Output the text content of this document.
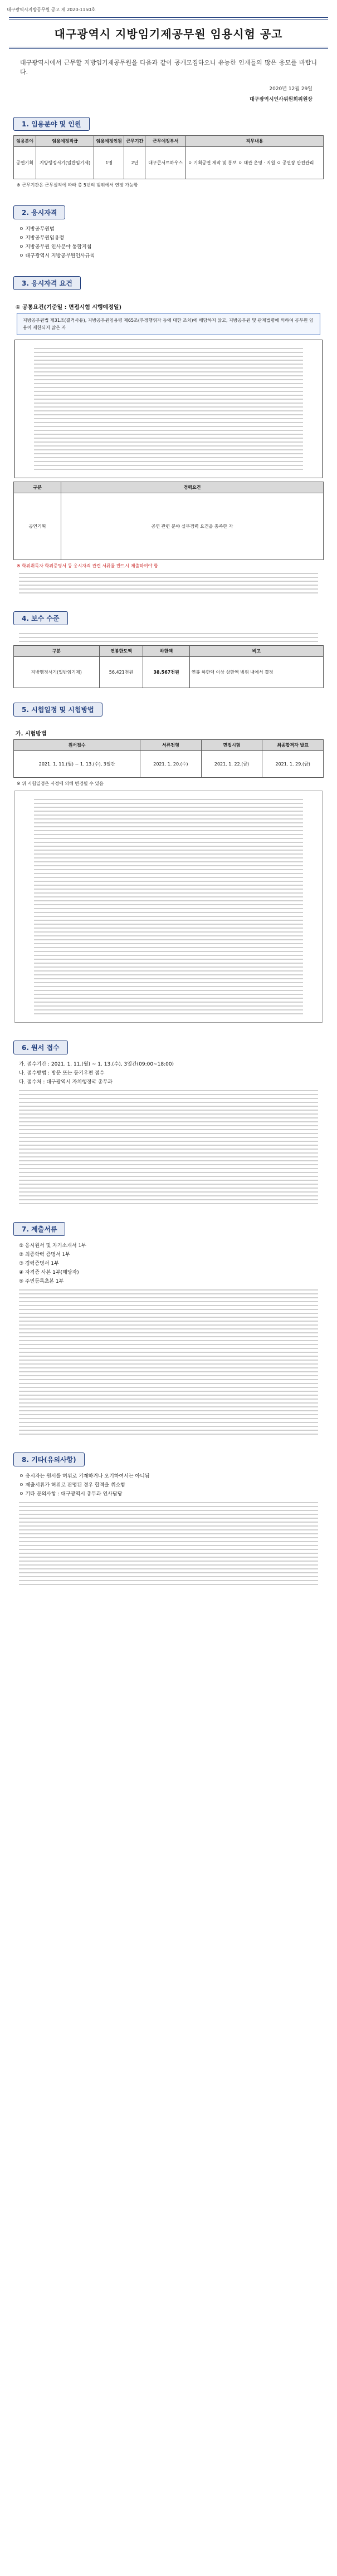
대구광역시지방공무원 공고 제 2020-1150호
대구광역시 지방임기제공무원 임용시험 공고
대구광역시에서 근무할 지방임기제공무원을 다음과 같이 공개모집하오니 유능한 인재들의 많은 응모를 바랍니다.
2020년 12월 29일
대구광역시인사위원회위원장
1. 임용분야 및 인원
임용분야	임용예정직급	임용예정인원	근무기간	근무예정부서	직무내용
공연기획	지방행정서기(일반임기제)	1명	2년	대구콘서트하우스	ㅇ 기획공연 제작 및 홍보 ㅇ 대관 운영 · 지원 ㅇ 공연장 안전관리
※ 근무기간은 근무실적에 따라 총 5년의 범위에서 연장 가능함
2. 응시자격
ㅇ 지방공무원법
ㅇ 지방공무원임용령
ㅇ 지방공무원 인사분야 통합지침
ㅇ 대구광역시 지방공무원인사규칙
3. 응시자격 요건
① 공통요건(기준일 : 면접시험 시행예정일)
지방공무원법 제31조(결격사유), 지방공무원임용령 제65조(부정행위자 등에 대한 조치)에 해당하지 않고, 지방공무원 및 관계법령에 의하여 공무원 임용이 제한되지 않은 자
구분	경력요건
공연기획	공연 관련 분야 실무경력 요건을 충족한 자
※ 학위취득자 학위증명서 등 응시자격 관련 서류를 반드시 제출하여야 함
4. 보수 수준
구분	연봉한도액	하한액	비고
지방행정서기(일반임기제)	56,421천원	38,567천원	연봉 하한액 이상 상한액 범위 내에서 결정
5. 시험일정 및 시험방법
가. 시험방법
원서접수	서류전형	면접시험	최종합격자 발표
2021. 1. 11.(월) ~ 1. 13.(수), 3일간	2021. 1. 20.(수)	2021. 1. 22.(금)	2021. 1. 29.(금)
※ 위 시험일정은 사정에 의해 변경될 수 있음
6. 원서 접수
가. 접수기간 : 2021. 1. 11.(월) ~ 1. 13.(수), 3일간(09:00~18:00)
나. 접수방법 : 방문 또는 등기우편 접수
다. 접수처 : 대구광역시 자치행정국 총무과
7. 제출서류
① 응시원서 및 자기소개서 1부
② 최종학력 증명서 1부
③ 경력증명서 1부
④ 자격증 사본 1부(해당자)
⑤ 주민등록초본 1부
8. 기타(유의사항)
ㅇ 응시자는 원서를 허위로 기재하거나 오기하여서는 아니됨
ㅇ 제출서류가 허위로 판명된 경우 합격을 취소함
ㅇ 기타 문의사항 : 대구광역시 총무과 인사담당
